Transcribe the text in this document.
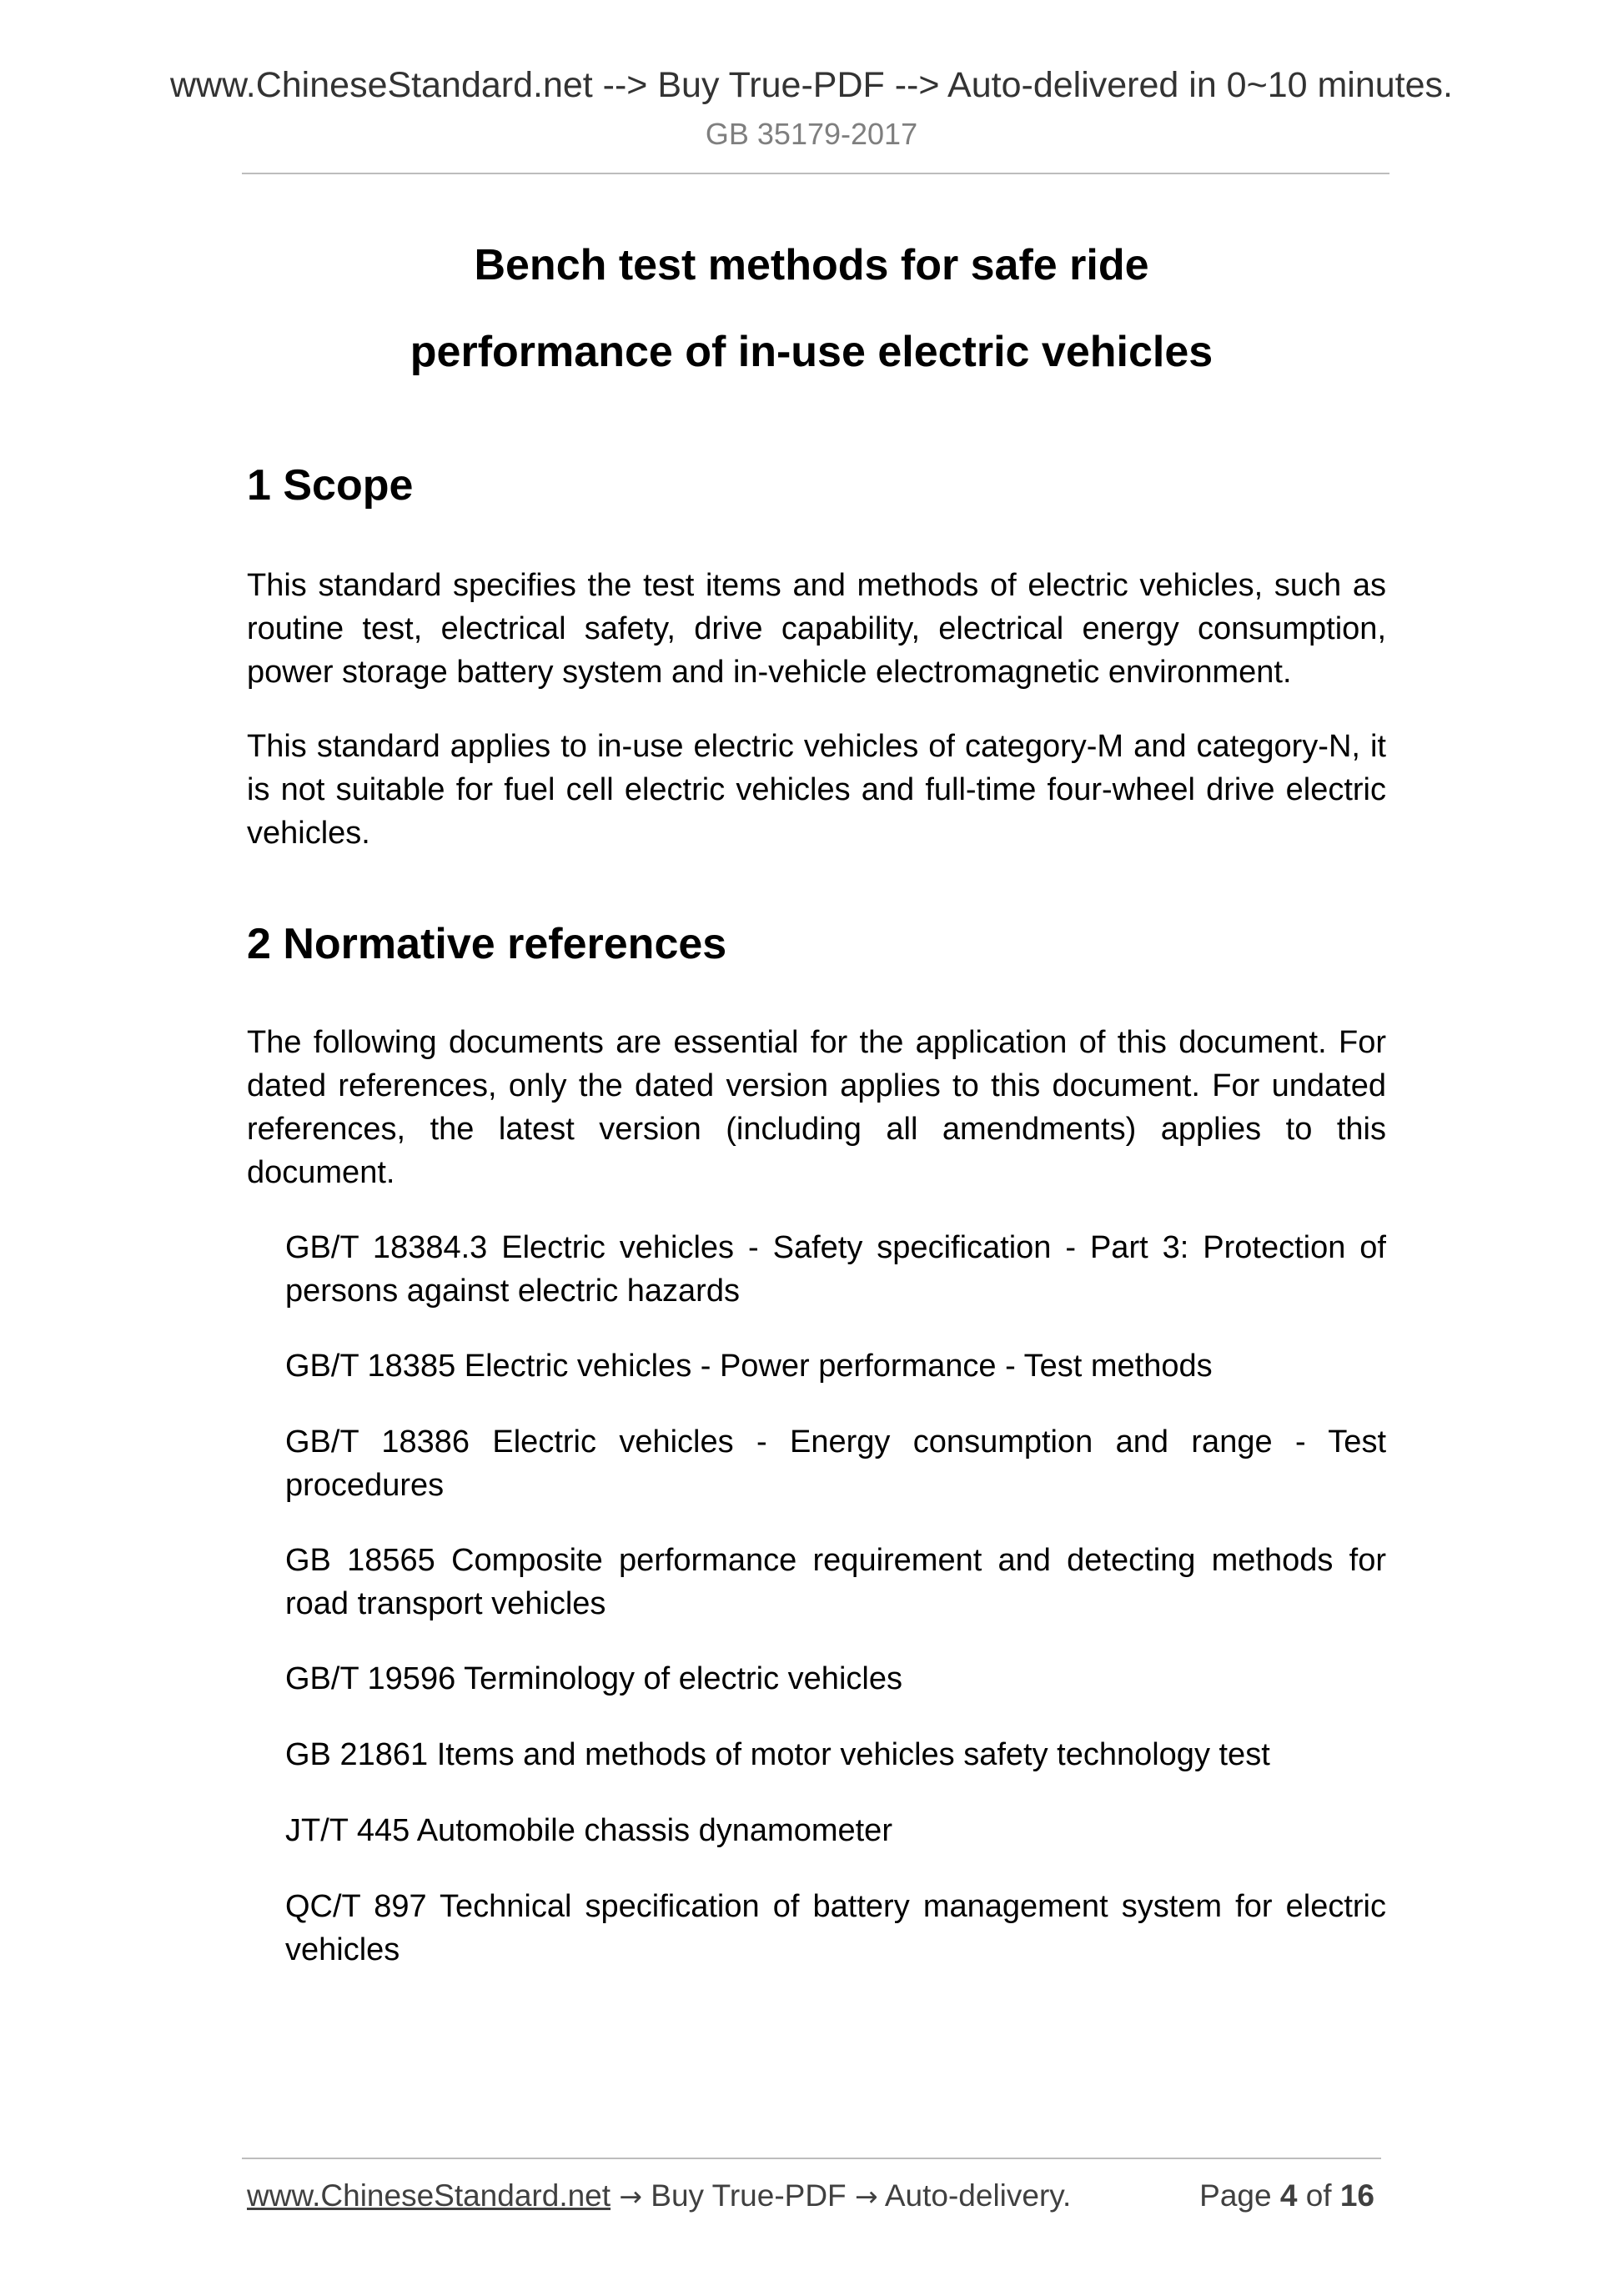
www.ChineseStandard.net --> Buy True-PDF --> Auto-delivered in 0~10 minutes.
GB 35179-2017
Bench test methods for safe ride
performance of in-use electric vehicles
1 Scope
This standard specifies the test items and methods of electric vehicles, such as routine test, electrical safety, drive capability, electrical energy consumption, power storage battery system and in-vehicle electromagnetic environment.
This standard applies to in-use electric vehicles of category-M and category-N, it is not suitable for fuel cell electric vehicles and full-time four-wheel drive electric vehicles.
2 Normative references
The following documents are essential for the application of this document. For dated references, only the dated version applies to this document. For undated references, the latest version (including all amendments) applies to this document.
GB/T 18384.3 Electric vehicles - Safety specification - Part 3: Protection of persons against electric hazards
GB/T 18385 Electric vehicles - Power performance - Test methods
GB/T 18386 Electric vehicles - Energy consumption and range - Test procedures
GB 18565 Composite performance requirement and detecting methods for road transport vehicles
GB/T 19596 Terminology of electric vehicles
GB 21861 Items and methods of motor vehicles safety technology test
JT/T 445 Automobile chassis dynamometer
QC/T 897 Technical specification of battery management system for electric vehicles
www.ChineseStandard.net → Buy True-PDF → Auto-delivery.	Page 4 of 16
